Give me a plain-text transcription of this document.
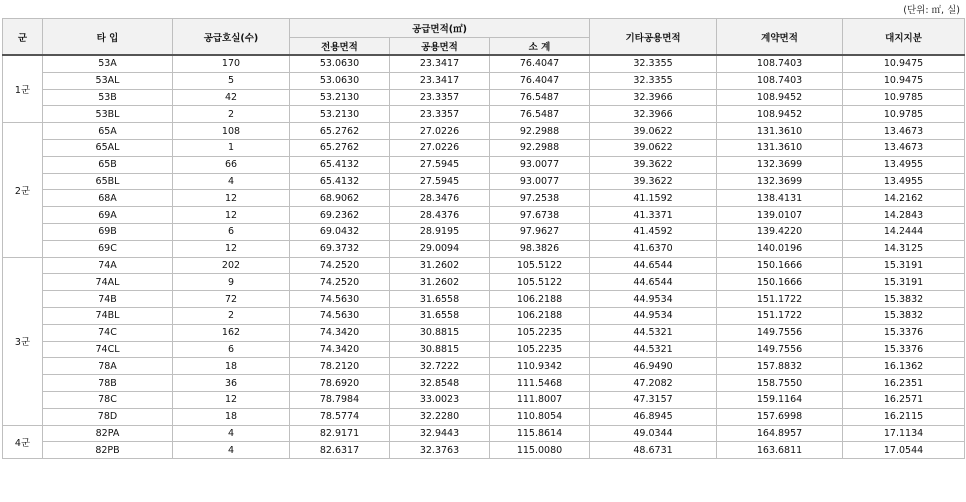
(단위: ㎡, 실)
군	타 입	공급호실(수)	공급면적(㎡)			기타공용면적	계약면적	대지지분
			전용면적	공용면적	소 계			
1군	53A	170	53.0630	23.3417	76.4047	32.3355	108.7403	10.9475
	53AL	5	53.0630	23.3417	76.4047	32.3355	108.7403	10.9475
	53B	42	53.2130	23.3357	76.5487	32.3966	108.9452	10.9785
	53BL	2	53.2130	23.3357	76.5487	32.3966	108.9452	10.9785
2군	65A	108	65.2762	27.0226	92.2988	39.0622	131.3610	13.4673
	65AL	1	65.2762	27.0226	92.2988	39.0622	131.3610	13.4673
	65B	66	65.4132	27.5945	93.0077	39.3622	132.3699	13.4955
	65BL	4	65.4132	27.5945	93.0077	39.3622	132.3699	13.4955
	68A	12	68.9062	28.3476	97.2538	41.1592	138.4131	14.2162
	69A	12	69.2362	28.4376	97.6738	41.3371	139.0107	14.2843
	69B	6	69.0432	28.9195	97.9627	41.4592	139.4220	14.2444
	69C	12	69.3732	29.0094	98.3826	41.6370	140.0196	14.3125
3군	74A	202	74.2520	31.2602	105.5122	44.6544	150.1666	15.3191
	74AL	9	74.2520	31.2602	105.5122	44.6544	150.1666	15.3191
	74B	72	74.5630	31.6558	106.2188	44.9534	151.1722	15.3832
	74BL	2	74.5630	31.6558	106.2188	44.9534	151.1722	15.3832
	74C	162	74.3420	30.8815	105.2235	44.5321	149.7556	15.3376
	74CL	6	74.3420	30.8815	105.2235	44.5321	149.7556	15.3376
	78A	18	78.2120	32.7222	110.9342	46.9490	157.8832	16.1362
	78B	36	78.6920	32.8548	111.5468	47.2082	158.7550	16.2351
	78C	12	78.7984	33.0023	111.8007	47.3157	159.1164	16.2571
	78D	18	78.5774	32.2280	110.8054	46.8945	157.6998	16.2115
4군	82PA	4	82.9171	32.9443	115.8614	49.0344	164.8957	17.1134
	82PB	4	82.6317	32.3763	115.0080	48.6731	163.6811	17.0544
